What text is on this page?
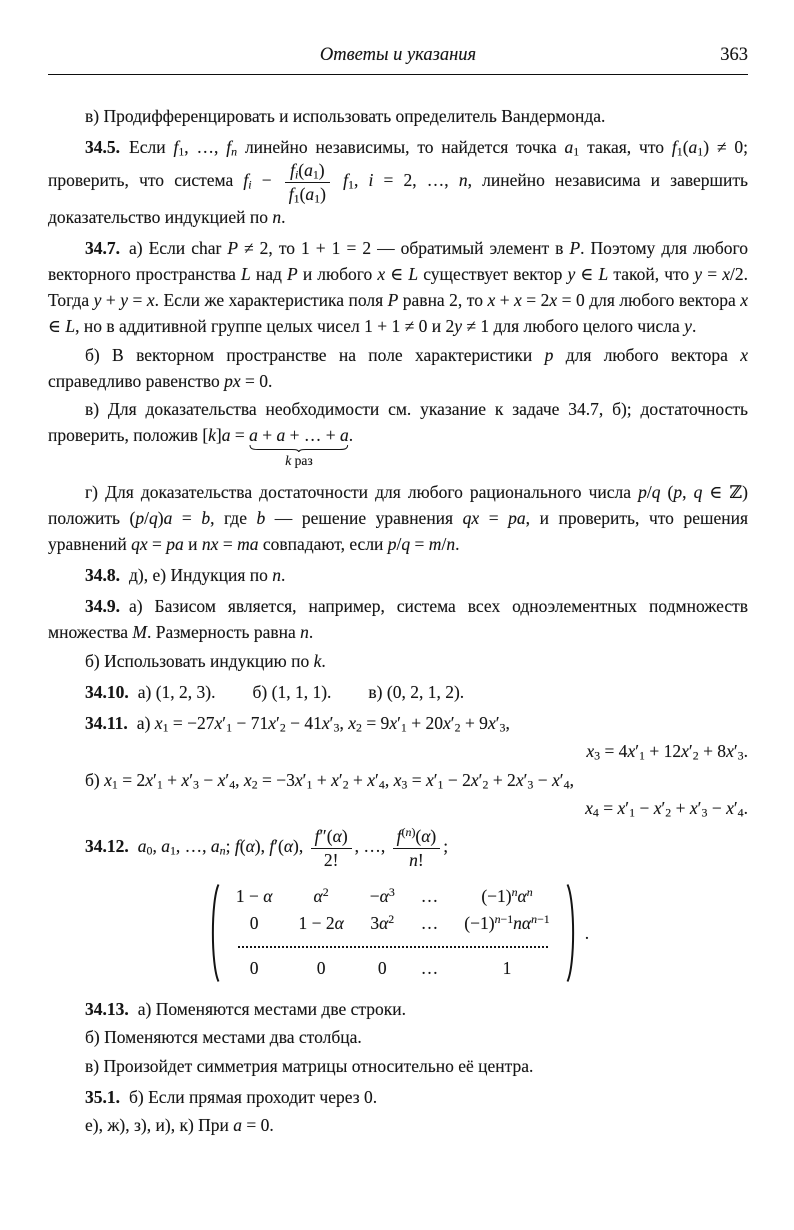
Ответы и указания	363
в) Продифференцировать и использовать определитель Вандермонда.
34.5. Если $f_1$, …, $f_n$ линейно независимы, то найдется точка $a_1$ такая, что $f_1(a_1) \ne 0$; проверить, что система $f_i - \frac{f_i(a_1)}{f_1(a_1)} f_1$, i = 2, …, n, линейно независима и завершить доказательство индукцией по n.
34.7. а) Если char P ≠ 2, то 1 + 1 = 2 — обратимый элемент в P. Поэтому для любого векторного пространства L над P и любого x ∈ L существует вектор y ∈ L такой, что y = x/2. Тогда y + y = x. Если же характеристика поля P равна 2, то x + x = 2x = 0 для любого вектора x ∈ L, но в аддитивной группе целых чисел 1 + 1 ≠ 0 и 2y ≠ 1 для любого целого числа y.
б) В векторном пространстве на поле характеристики p для любого вектора x справедливо равенство px = 0.
в) Для доказательства необходимости см. указание к задаче 34.7, б); достаточность проверить, положив [k]a = a + a + … + a
k раз
.
г) Для доказательства достаточности для любого рационального числа p/q (p, q ∈ ℤ) положить (p/q)a = b, где b — решение уравнения qx = pa, и проверить, что решения уравнений qx = pa и nx = ma совпадают, если p/q = m/n.
34.8. д), е) Индукция по n.
34.9. а) Базисом является, например, система всех одноэлементных подмножеств множества M. Размерность равна n.
б) Использовать индукцию по k.
34.10. а) (1, 2, 3). б) (1, 1, 1). в) (0, 2, 1, 2).
34.11. а) $x_1 = -27x'_1 - 71x'_2 - 41x'_3$, $x_2 = 9x'_1 + 20x'_2 + 9x'_3$,
$x_3 = 4x'_1 + 12x'_2 + 8x'_3$.
б) $x_1 = 2x'_1 + x'_3 - x'_4$, $x_2 = -3x'_1 + x'_2 + x'_4$, $x_3 = x'_1 - 2x'_2 + 2x'_3 - x'_4$,
$x_4 = x'_1 - x'_2 + x'_3 - x'_4$.
34.12. $a_0$, $a_1$, …, $a_n$; f(α), f′(α), $\frac{f''(\alpha)}{2!}$ , …, $\frac{f^{(n)}(\alpha)}{n!}$ ;
1 − α	$\alpha^2$	$-\alpha^3$	…	$(-1)^n\alpha^n$
0	1 − 2α	$3\alpha^2$	…	$(-1)^{n-1}n\alpha^{n-1}$

0	0	0	…	1
.
34.13. а) Поменяются местами две строки.
б) Поменяются местами два столбца.
в) Произойдет симметрия матрицы относительно её центра.
35.1. б) Если прямая проходит через 0.
е), ж), з), и), к) При a = 0.
